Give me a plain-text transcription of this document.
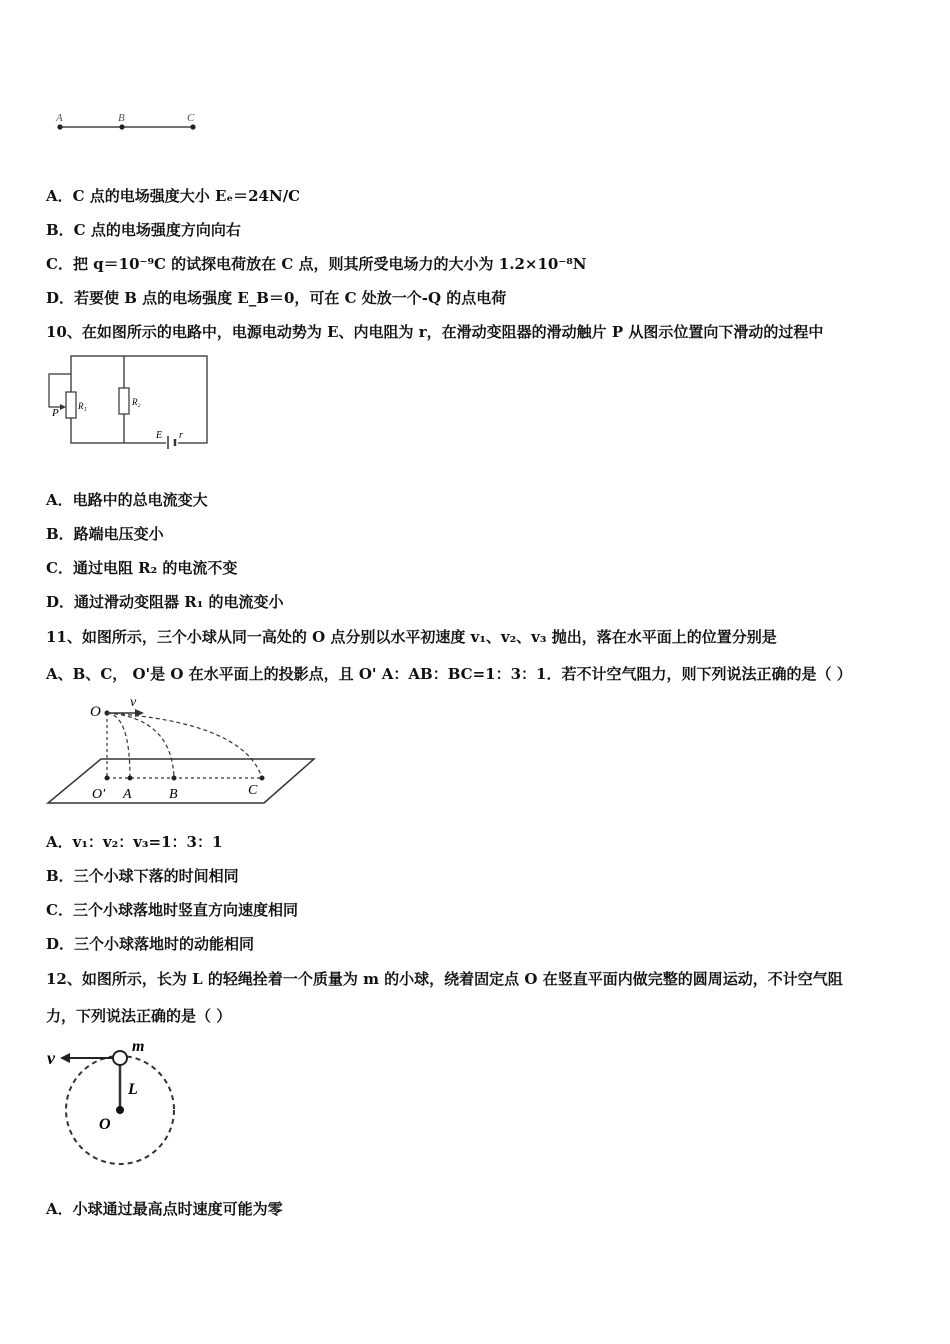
A	B	C
A．C 点的电场强度大小 Eₑ＝24N/C
B．C 点的电场强度方向向右
C．把 q＝10⁻⁹C 的试探电荷放在 C 点，则其所受电场力的大小为 1.2×10⁻⁸N
D．若要使 B 点的电场强度 E_B＝0，可在 C 处放一个-Q 的点电荷
10、在如图所示的电路中，电源电动势为 E、内电阻为 r，在滑动变阻器的滑动触片 P 从图示位置向下滑动的过程中
P
R₁	R₂
E r
A．电路中的总电流变大
B．路端电压变小
C．通过电阻 R₂ 的电流不变
D．通过滑动变阻器 R₁ 的电流变小
11、如图所示，三个小球从同一高处的 O 点分别以水平初速度 v₁、v₂、v₃ 抛出，落在水平面上的位置分别是
A、B、C， O'是 O 在水平面上的投影点，且 O' A：AB：BC=1：3：1．若不计空气阻力，则下列说法正确的是（ ）
O
v
O' A	B	C
A．v₁：v₂：v₃=1：3：1
B．三个小球下落的时间相同
C．三个小球落地时竖直方向速度相同
D．三个小球落地时的动能相同
12、如图所示，长为 L 的轻绳拴着一个质量为 m 的小球，绕着固定点 O 在竖直平面内做完整的圆周运动，不计空气阻
力，下列说法正确的是（ ）
v
m
L
O
A．小球通过最高点时速度可能为零
